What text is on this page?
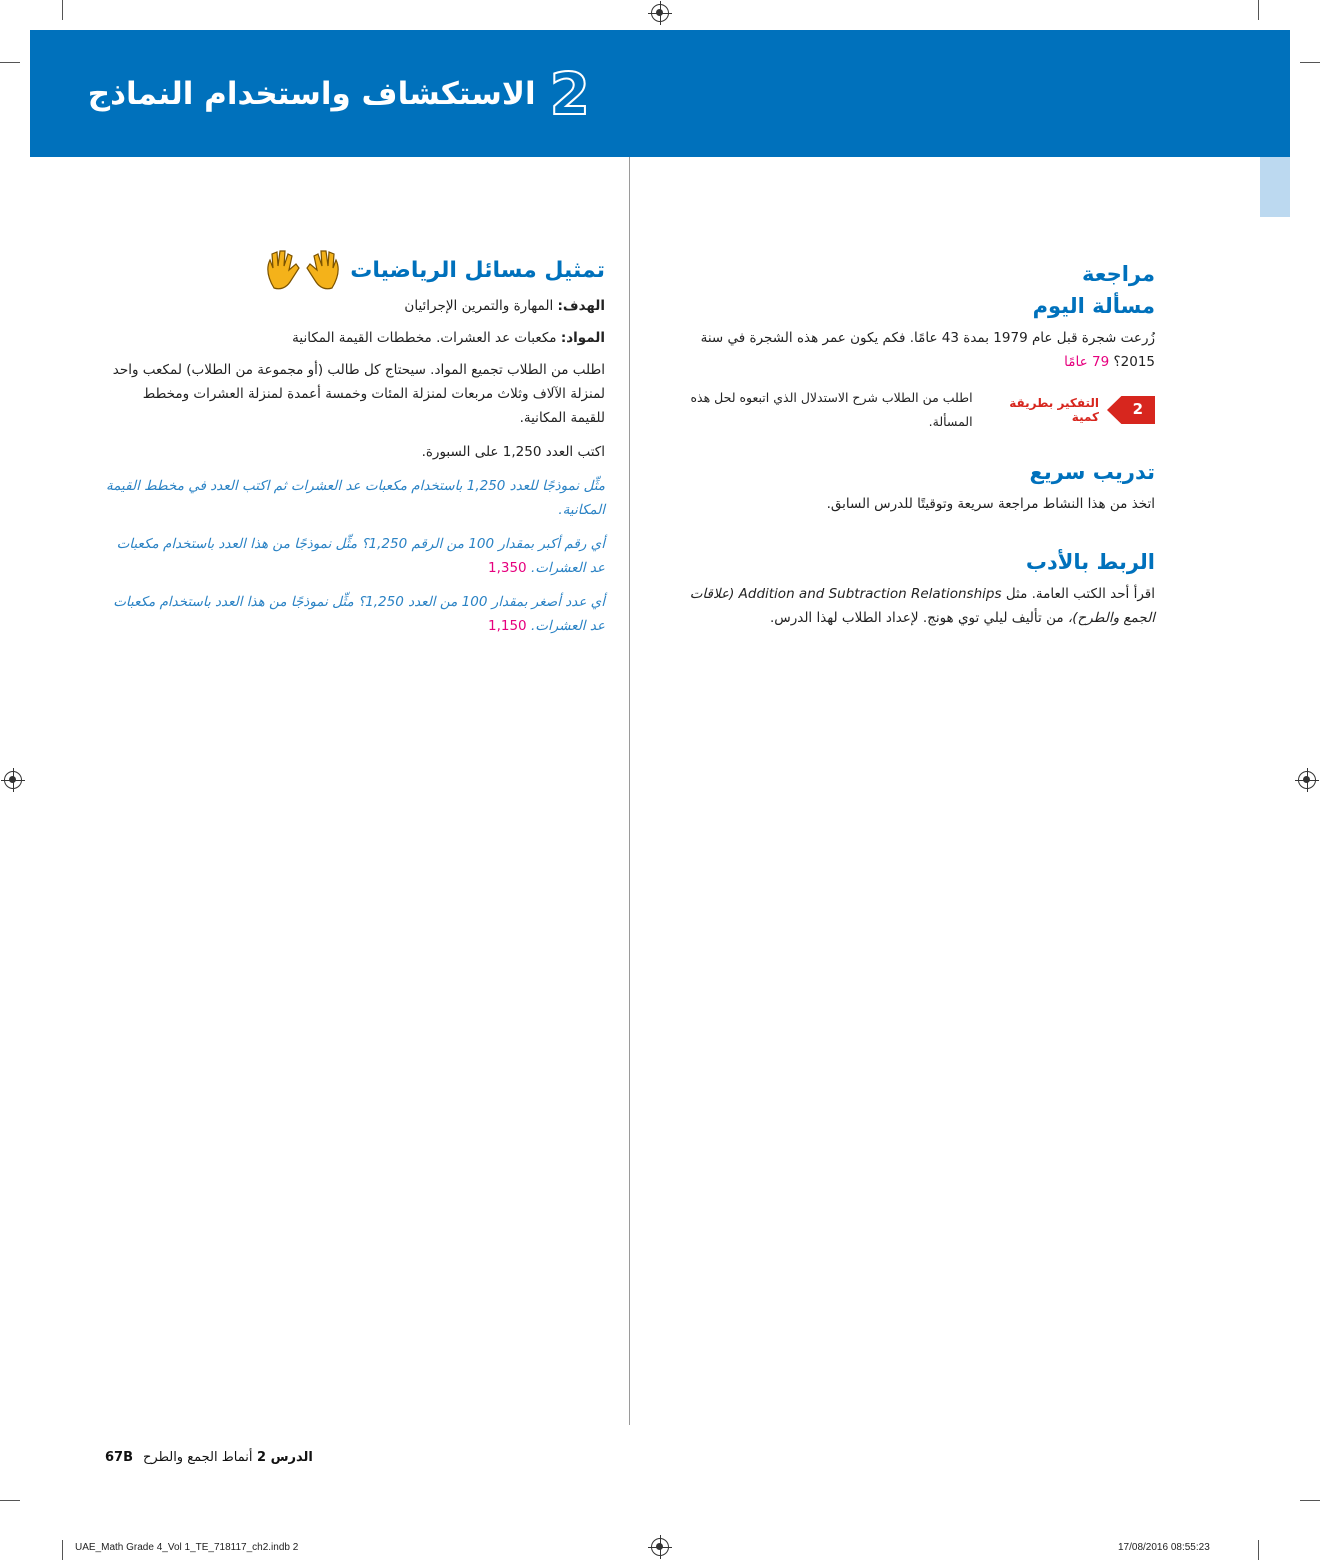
2
الاستكشاف واستخدام النماذج
مراجعة
مسألة اليوم

زُرعت شجرة قبل عام 1979 بمدة 43 عامًا. فكم يكون عمر هذه الشجرة في سنة
2015؟ 79 عامًا

2
التفكير بطريقة كمية
اطلب من الطلاب شرح الاستدلال الذي اتبعوه لحل هذه المسألة.
تدريب سريع

اتخذ من هذا النشاط مراجعة سريعة وتوقيتًا للدرس السابق.

الربط بالأدب

اقرأ أحد الكتب العامة. مثل Addition and Subtraction Relationships (علاقات
الجمع والطرح)، من تأليف ليلي توي هونج. لإعداد الطلاب لهذا الدرس.

تمثيل مسائل الرياضيات

الهدف: المهارة والتمرين الإجرائيان

المواد: مكعبات عد العشرات. مخططات القيمة المكانية

اطلب من الطلاب تجميع المواد. سيحتاج كل طالب (أو مجموعة من الطلاب) لمكعب واحد لمنزلة الآلاف وثلاث مربعات لمنزلة المئات وخمسة أعمدة لمنزلة العشرات ومخطط للقيمة المكانية.

اكتب العدد 1,250 على السبورة.

مثِّل نموذجًا للعدد 1,250 باستخدام مكعبات عد العشرات ثم اكتب العدد في مخطط القيمة المكانية.

أي رقم أكبر بمقدار 100 من الرقم 1,250؟ مثِّل نموذجًا من هذا العدد باستخدام مكعبات عد العشرات. 1,350

أي عدد أصغر بمقدار 100 من العدد 1,250؟ مثِّل نموذجًا من هذا العدد باستخدام مكعبات عد العشرات. 1,150

67B	الدرس 2 أنماط الجمع والطرح
UAE_Math Grade 4_Vol 1_TE_718117_ch2.indb 2	17/08/2016 08:55:23
